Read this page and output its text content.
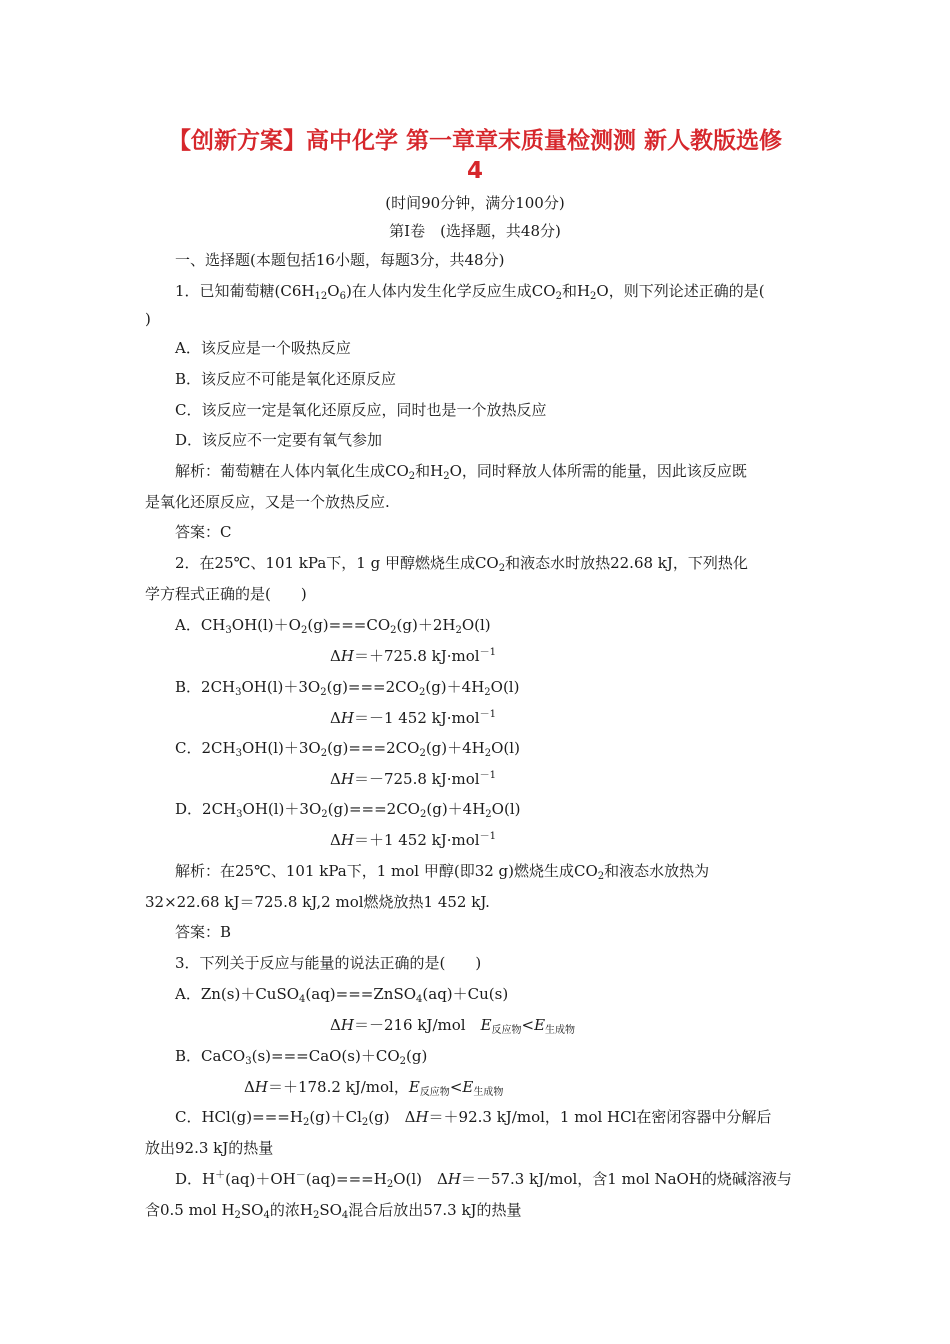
【创新方案】高中化学 第一章章末质量检测测 新人教版选修
4
(时间90分钟，满分100分)
第Ⅰ卷　(选择题，共48分)
一、选择题(本题包括16小题，每题3分，共48分)
1．已知葡萄糖$(C6H_{12}O_6)$在人体内发生化学反应生成$CO_2$和$H_2O$，则下列论述正确的是(
)
A．该反应是一个吸热反应
B．该反应不可能是氧化还原反应
C．该反应一定是氧化还原反应，同时也是一个放热反应
D．该反应不一定要有氧气参加
解析：葡萄糖在人体内氧化生成$CO_2$和$H_2O$，同时释放人体所需的能量，因此该反应既
是氧化还原反应，又是一个放热反应.
答案：C
2．在25℃、101 kPa下，1 g 甲醇燃烧生成$CO_2$和液态水时放热22.68 kJ，下列热化
学方程式正确的是(　　)
A．$CH_3OH(l)+O_2(g)===CO_2(g)+2H_2O(l)$
ΔH＝＋725.8 kJ·mol$^{-1}$
B．$2CH_3OH(l)+3O_2(g)===2CO_2(g)+4H_2O(l)$
ΔH＝－1 452 kJ·mol$^{-1}$
C．$2CH_3OH(l)+3O_2(g)===2CO_2(g)+4H_2O(l)$
ΔH＝－725.8 kJ·mol$^{-1}$
D．$2CH_3OH(l)+3O_2(g)===2CO_2(g)+4H_2O(l)$
ΔH＝＋1 452 kJ·mol$^{-1}$
解析：在25℃、101 kPa下，1 mol 甲醇(即32 g)燃烧生成$CO_2$和液态水放热为
32×22.68 kJ＝725.8 kJ,2 mol燃烧放热1 452 kJ.
答案：B
3．下列关于反应与能量的说法正确的是(　　)
A．Zn(s)＋CuSO$_4$(aq)===ZnSO$_4$(aq)＋Cu(s)
ΔH＝－216 kJ/mol　 $E_{反应物}<E_{生成物}$
B．$CaCO_3(s)===CaO(s)+CO_2(g)$
ΔH＝＋178.2 kJ/mol，$E_{反应物}<E_{生成物}$
C．$HCl(g)===H_2(g)+Cl_2(g)$　ΔH＝＋92.3 kJ/mol，1 mol HCl在密闭容器中分解后
放出92.3 kJ的热量
D．$H^+(aq)+OH^-(aq)===H_2O(l)$　ΔH＝－57.3 kJ/mol，含1 mol NaOH的烧碱溶液与
含0.5 mol $H_2SO_4$的浓$H_2SO_4$混合后放出57.3 kJ的热量
